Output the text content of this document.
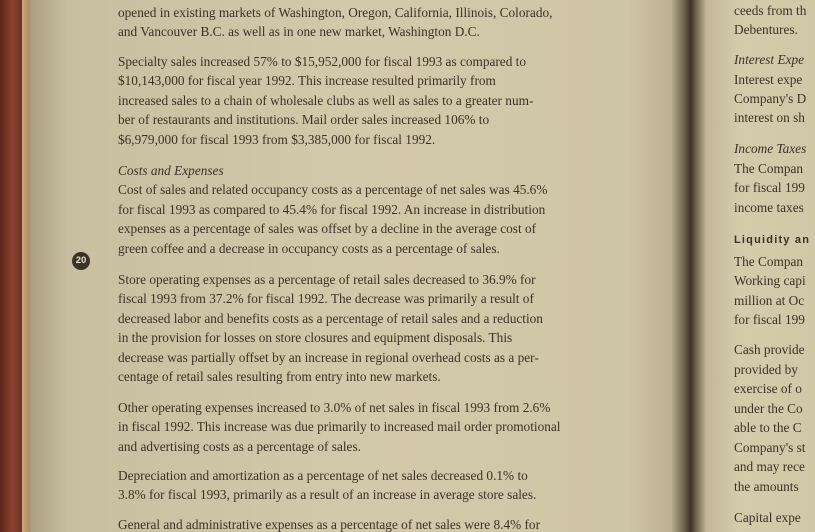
opened in existing markets of Washington, Oregon, California, Illinois, Colorado,
and Vancouver B.C. as well as in one new market, Washington D.C.
Specialty sales increased 57% to $15,952,000 for fiscal 1993 as compared to
$10,143,000 for fiscal year 1992. This increase resulted primarily from
increased sales to a chain of wholesale clubs as well as sales to a greater num-
ber of restaurants and institutions. Mail order sales increased 106% to
$6,979,000 for fiscal 1993 from $3,385,000 for fiscal 1992.
Costs and Expenses
Cost of sales and related occupancy costs as a percentage of net sales was 45.6%
for fiscal 1993 as compared to 45.4% for fiscal 1992. An increase in distribution
expenses as a percentage of sales was offset by a decline in the average cost of
green coffee and a decrease in occupancy costs as a percentage of sales.
Store operating expenses as a percentage of retail sales decreased to 36.9% for
fiscal 1993 from 37.2% for fiscal 1992. The decrease was primarily a result of
decreased labor and benefits costs as a percentage of retail sales and a reduction
in the provision for losses on store closures and equipment disposals. This
decrease was partially offset by an increase in regional overhead costs as a per-
centage of retail sales resulting from entry into new markets.
Other operating expenses increased to 3.0% of net sales in fiscal 1993 from 2.6%
in fiscal 1992. This increase was due primarily to increased mail order promotional
and advertising costs as a percentage of sales.
Depreciation and amortization as a percentage of net sales decreased 0.1% to
3.8% for fiscal 1993, primarily as a result of an increase in average store sales.
General and administrative expenses as a percentage of net sales were 8.4% for
20
ceeds from th
Debentures.
Interest Expe
Interest expe
Company's D
interest on sh
Income Taxes
The Compan
for fiscal 199
income taxes
Liquidity an
The Compan
Working capi
million at Oc
for fiscal 199
Cash provide
provided by
exercise of o
under the Co
able to the C
Company's st
and may rece
the amounts
Capital expe
